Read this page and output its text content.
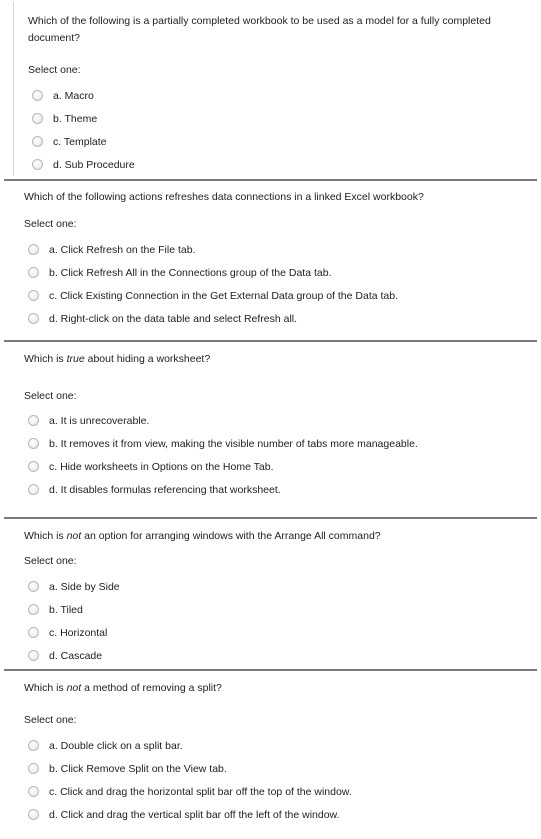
Which of the following is a partially completed workbook to be used as a model for a fully completed document?
Select one:
a. Macro
b. Theme
c. Template
d. Sub Procedure
Which of the following actions refreshes data connections in a linked Excel workbook?
Select one:
a. Click Refresh on the File tab.
b. Click Refresh All in the Connections group of the Data tab.
c. Click Existing Connection in the Get External Data group of the Data tab.
d. Right-click on the data table and select Refresh all.
Which is true about hiding a worksheet?
Select one:
a. It is unrecoverable.
b. It removes it from view, making the visible number of tabs more manageable.
c. Hide worksheets in Options on the Home Tab.
d. It disables formulas referencing that worksheet.
Which is not an option for arranging windows with the Arrange All command?
Select one:
a. Side by Side
b. Tiled
c. Horizontal
d. Cascade
Which is not a method of removing a split?
Select one:
a. Double click on a split bar.
b. Click Remove Split on the View tab.
c. Click and drag the horizontal split bar off the top of the window.
d. Click and drag the vertical split bar off the left of the window.
